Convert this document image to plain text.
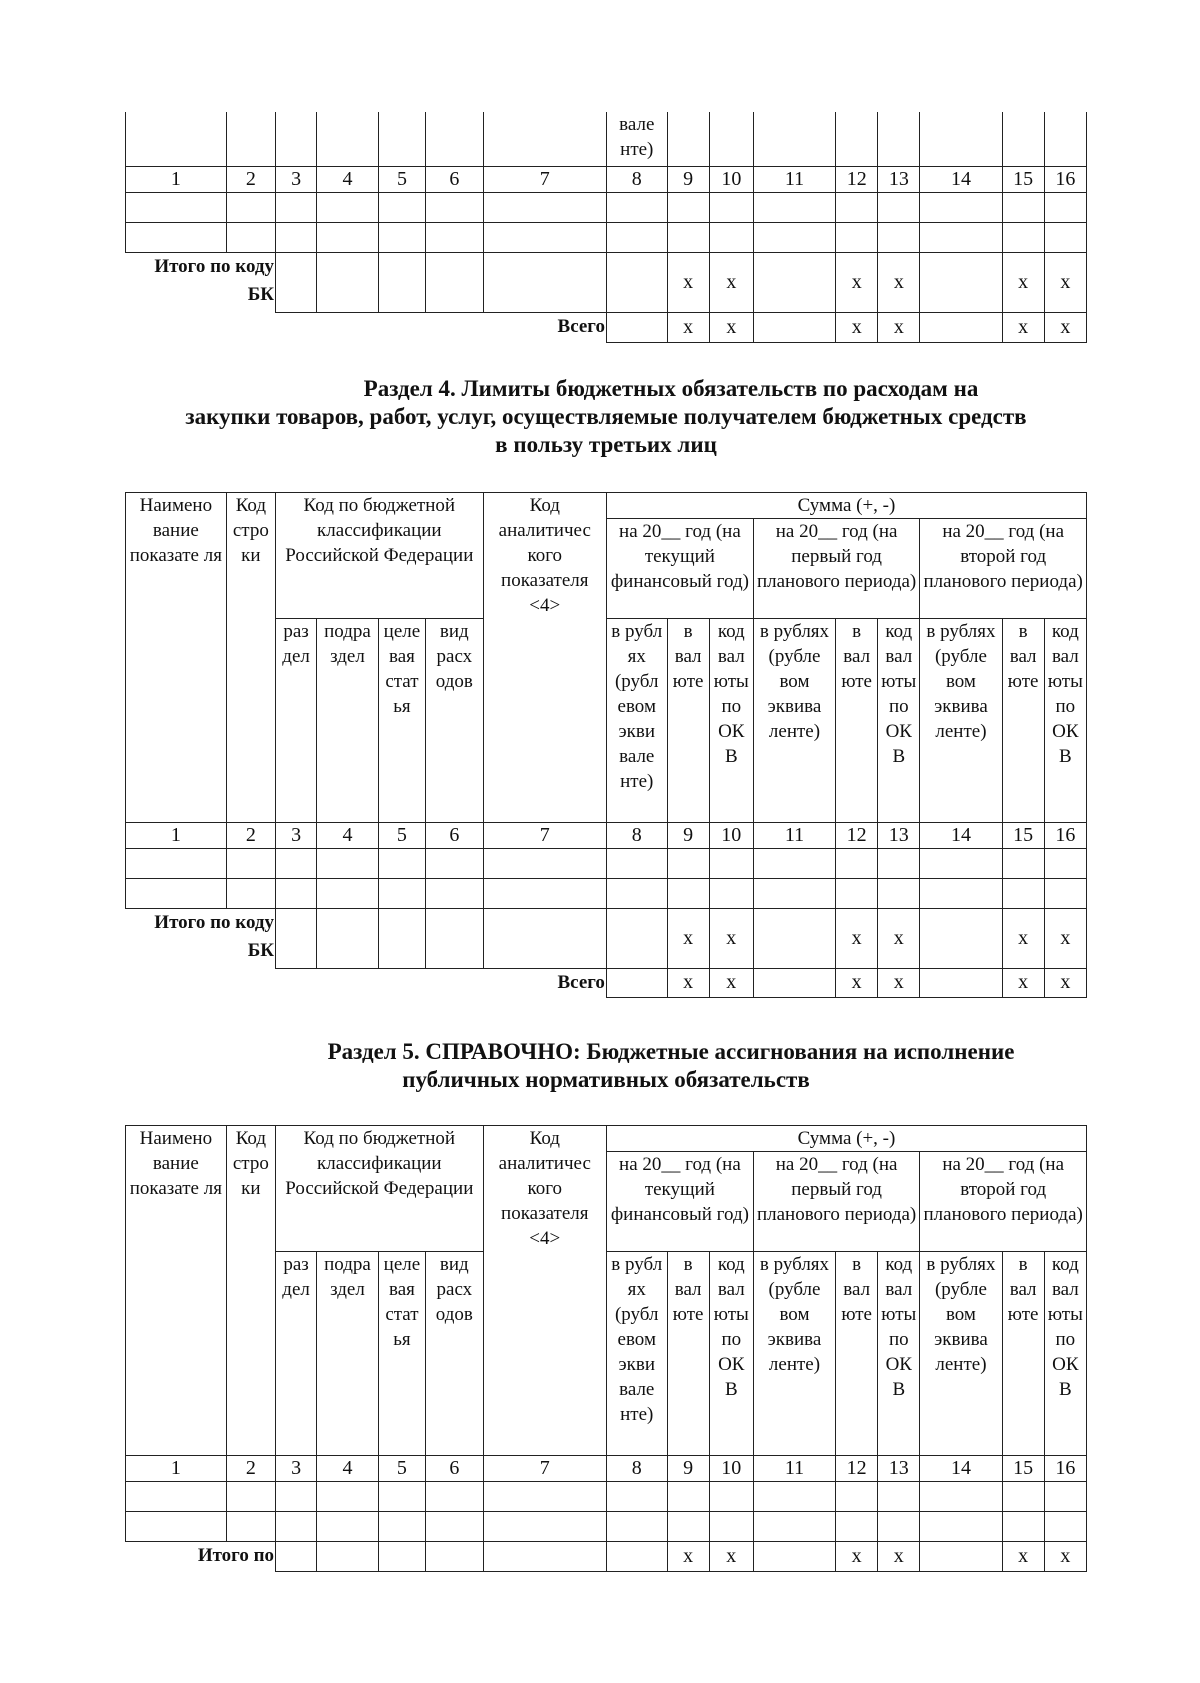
							вале нте)								
1	2	3	4	5	6	7	8	9	10	11	12	13	14	15	16

Итого по коду БК								x	x		x	x		x	x
Всего								x	x		x	x		x	x
Раздел 4. Лимиты бюджетных обязательств по расходам на
закупки товаров, работ, услуг, осуществляемые получателем бюджетных средств
в пользу третьих лиц
Наимено вание показате ля	Код стро ки	Код по бюджетной классификации Российской Федерации				Код аналитичес кого показателя <4>	Сумма (+, -)								
							на 20__ год (на текущий финансовый год)			на 20__ год (на первый год планового периода)			на 20__ год (на второй год планового периода)		
		раз дел	подра здел	целе вая стат ья	вид расх одов		в рубл ях (рубл евом экви вале нте)	в вал юте	код вал юты по ОК В	в рублях (рубле вом эквива ленте)	в вал юте	код вал юты по ОК В	в рублях (рубле вом эквива ленте)	в вал юте	код вал юты по ОК В
1	2	3	4	5	6	7	8	9	10	11	12	13	14	15	16

Итого по коду БК								x	x		x	x		x	x
Всего								x	x		x	x		x	x
Раздел 5. СПРАВОЧНО: Бюджетные ассигнования на исполнение
публичных нормативных обязательств
Наимено вание показате ля	Код стро ки	Код по бюджетной классификации Российской Федерации				Код аналитичес кого показателя <4>	Сумма (+, -)								
							на 20__ год (на текущий финансовый год)			на 20__ год (на первый год планового периода)			на 20__ год (на второй год планового периода)		
		раз дел	подра здел	целе вая стат ья	вид расх одов		в рубл ях (рубл евом экви вале нте)	в вал юте	код вал юты по ОК В	в рублях (рубле вом эквива ленте)	в вал юте	код вал юты по ОК В	в рублях (рубле вом эквива ленте)	в вал юте	код вал юты по ОК В
1	2	3	4	5	6	7	8	9	10	11	12	13	14	15	16

Итого по								x	x		x	x		x	x
